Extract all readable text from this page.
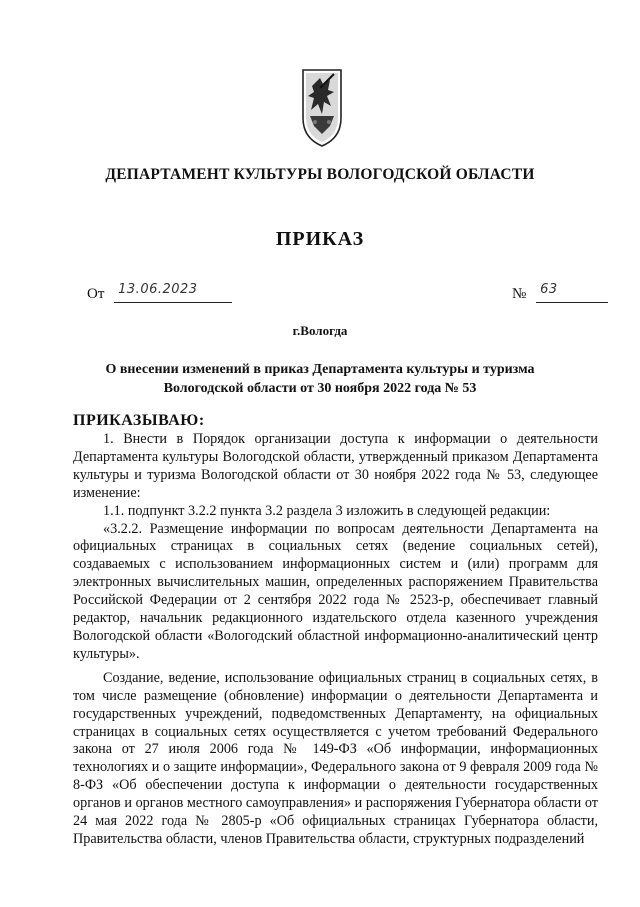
ДЕПАРТАМЕНТ КУЛЬТУРЫ ВОЛОГОДСКОЙ ОБЛАСТИ
ПРИКАЗ
От 13.06.2023	№ 63
г.Вологда
О внесении изменений в приказ Департамента культуры и туризма
Вологодской области от 30 ноября 2022 года № 53
ПРИКАЗЫВАЮ:

1. Внести в Порядок организации доступа к информации о деятельности Департамента культуры Вологодской области, утвержденный приказом Департамента культуры и туризма Вологодской области от 30 ноября 2022 года № 53, следующее изменение:

1.1. подпункт 3.2.2 пункта 3.2 раздела 3 изложить в следующей редакции:

«3.2.2. Размещение информации по вопросам деятельности Департамента на официальных страницах в социальных сетях (ведение социальных сетей), создаваемых с использованием информационных систем и (или) программ для электронных вычислительных машин, определенных распоряжением Правительства Российской Федерации от 2 сентября 2022 года № 2523-р, обеспечивает главный редактор, начальник редакционного издательского отдела казенного учреждения Вологодской области «Вологодский областной информационно-аналитический центр культуры».

Создание, ведение, использование официальных страниц в социальных сетях, в том числе размещение (обновление) информации о деятельности Департамента и государственных учреждений, подведомственных Департаменту, на официальных страницах в социальных сетях осуществляется с учетом требований Федерального закона от 27 июля 2006 года № 149-ФЗ «Об информации, информационных технологиях и о защите информации», Федерального закона от 9 февраля 2009 года № 8-ФЗ «Об обеспечении доступа к информации о деятельности государственных органов и органов местного самоуправления» и распоряжения Губернатора области от 24 мая 2022 года № 2805-р «Об официальных страницах Губернатора области, Правительства области, членов Правительства области, структурных подразделений
